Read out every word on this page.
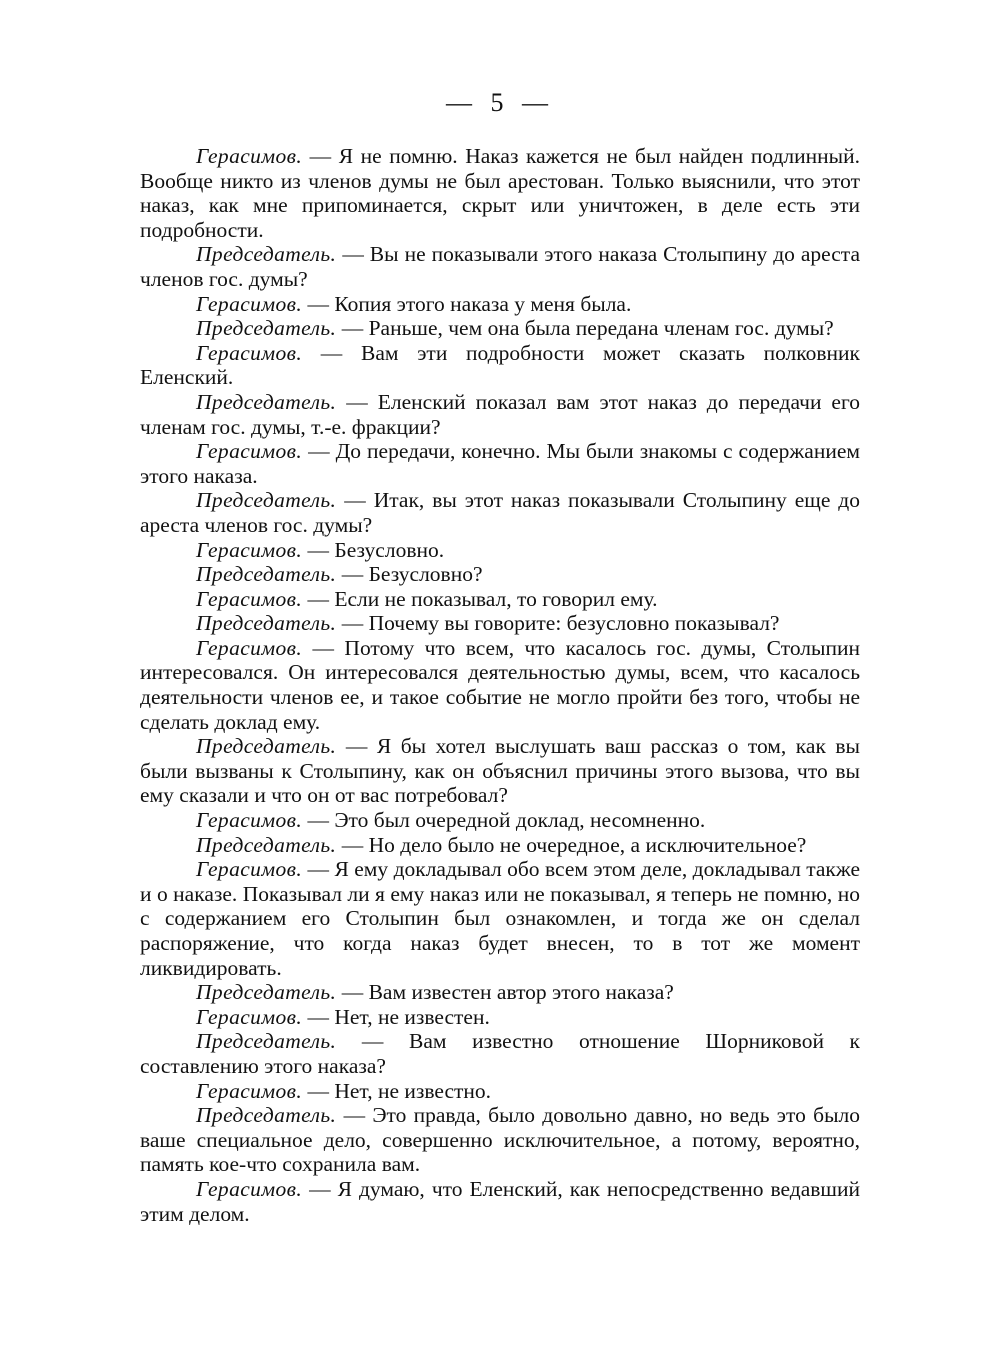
— 5 —

Герасимов. — Я не помню. Наказ кажется не был найден подлинный. Вообще никто из членов думы не был арестован. Только выяснили, что этот наказ, как мне припоминается, скрыт или уничтожен, в деле есть эти подробности.

Председатель. — Вы не показывали этого наказа Столыпину до ареста членов гос. думы?

Герасимов. — Копия этого наказа у меня была.

Председатель. — Раньше, чем она была передана членам гос. думы?

Герасимов. — Вам эти подробности может сказать полковник Еленский.

Председатель. — Еленский показал вам этот наказ до передачи его членам гос. думы, т.-е. фракции?

Герасимов. — До передачи, конечно. Мы были знакомы с содержанием этого наказа.

Председатель. — Итак, вы этот наказ показывали Столыпину еще до ареста членов гос. думы?

Герасимов. — Безусловно.

Председатель. — Безусловно?

Герасимов. — Если не показывал, то говорил ему.

Председатель. — Почему вы говорите: безусловно показывал?

Герасимов. — Потому что всем, что касалось гос. думы, Столыпин интересовался. Он интересовался деятельностью думы, всем, что касалось деятельности членов ее, и такое событие не могло пройти без того, чтобы не сделать доклад ему.

Председатель. — Я бы хотел выслушать ваш рассказ о том, как вы были вызваны к Столыпину, как он объяснил причины этого вызова, что вы ему сказали и что он от вас потребовал?

Герасимов. — Это был очередной доклад, несомненно.

Председатель. — Но дело было не очередное, а исключительное?

Герасимов. — Я ему докладывал обо всем этом деле, докладывал также и о наказе. Показывал ли я ему наказ или не показывал, я теперь не помню, но с содержанием его Столыпин был ознакомлен, и тогда же он сделал распоряжение, что когда наказ будет внесен, то в тот же момент ликвидировать.

Председатель. — Вам известен автор этого наказа?

Герасимов. — Нет, не известен.

Председатель. — Вам известно отношение Шорниковой к составлению этого наказа?

Герасимов. — Нет, не известно.

Председатель. — Это правда, было довольно давно, но ведь это было ваше специальное дело, совершенно исключительное, а потому, вероятно, память кое-что сохранила вам.

Герасимов. — Я думаю, что Еленский, как непосредственно ведавший этим делом.
